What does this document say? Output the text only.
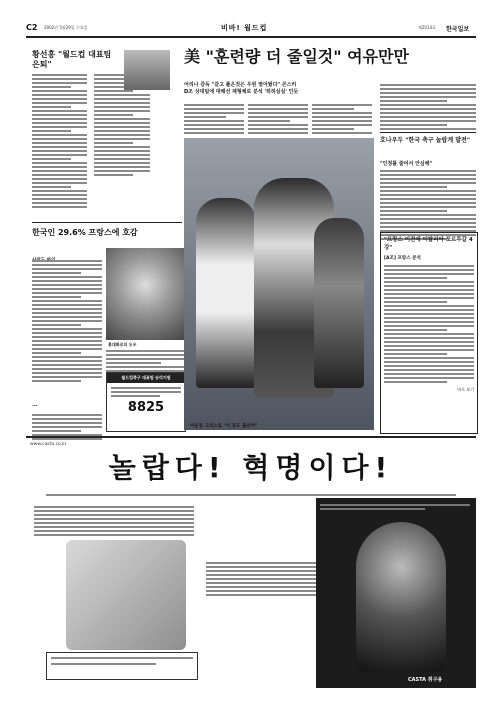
C2 2002년 5월29일 수요일	비바! 월드컵	제2014호 한국일보
황선홍 "월드컵 대표팀 은퇴"
한국인 29.6% 프랑스에 호감
홍대화로의 도우
월드컵축구 대표팀 승리기원
8825
...
美 "훈련량 더 줄일것" 여유만만
어리나 감독 "갈고 풀은것은 우원 열어뒀다" 콘스러
D조 상대팀에 대해선 제형체로 분석 '허허실실' 인듯
이운동 크리스토 "이 동도 흘러야"
호나우두 "한국 축구 놀랍게 발전"
"인정률 줄여서 안심해"
"프랑스 이전에 이탈리아 포르투갈 4강"
[A조] 프랑스 분석
바로 보기
www.casta.co.kr
놀랍다! 혁명이다!
CASTA 취구용
